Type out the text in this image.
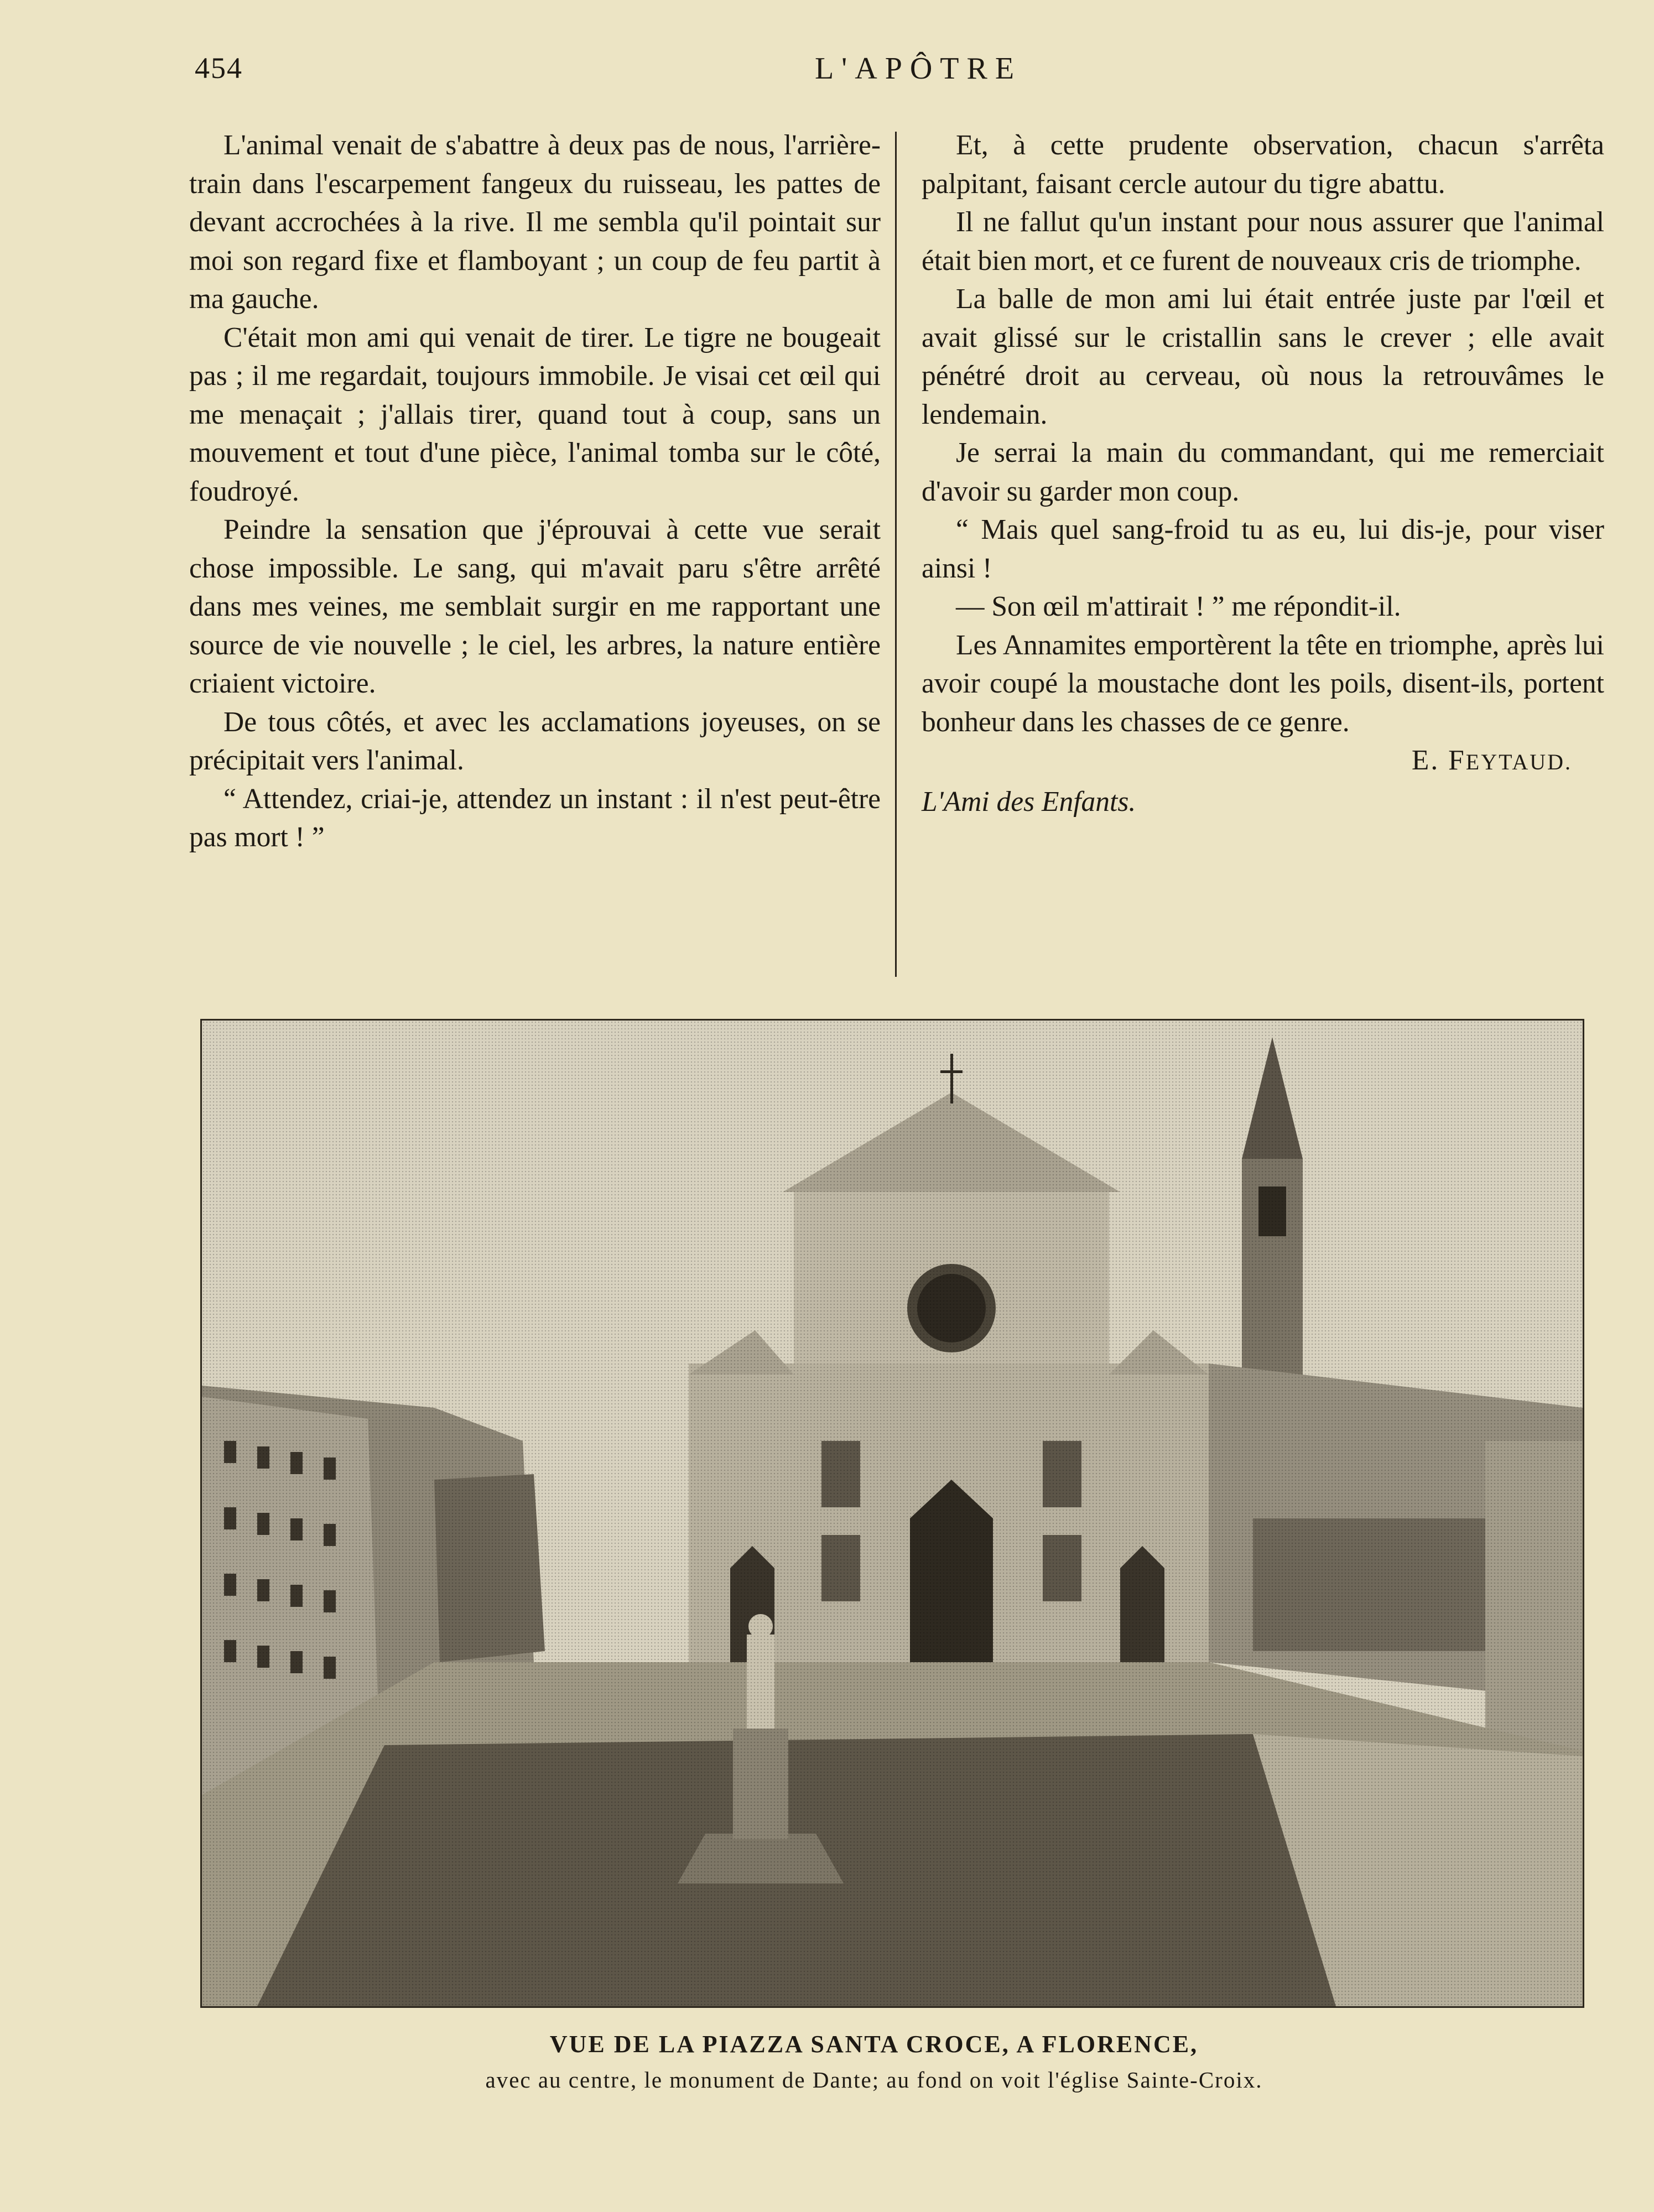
454	L'APÔTRE

L'animal venait de s'abattre à deux pas de nous, l'arrière-train dans l'escarpement fangeux du ruisseau, les pattes de devant accrochées à la rive. Il me sembla qu'il pointait sur moi son regard fixe et flamboyant ; un coup de feu partit à ma gauche.

C'était mon ami qui venait de tirer. Le tigre ne bougeait pas ; il me regardait, toujours immobile. Je visai cet œil qui me menaçait ; j'allais tirer, quand tout à coup, sans un mouvement et tout d'une pièce, l'animal tomba sur le côté, foudroyé.

Peindre la sensation que j'éprouvai à cette vue serait chose impossible. Le sang, qui m'avait paru s'être arrêté dans mes veines, me semblait surgir en me rapportant une source de vie nouvelle ; le ciel, les arbres, la nature entière criaient victoire.

De tous côtés, et avec les acclamations joyeuses, on se précipitait vers l'animal.

“ Attendez, criai-je, attendez un instant : il n'est peut-être pas mort ! ”

Et, à cette prudente observation, chacun s'arrêta palpitant, faisant cercle autour du tigre abattu.

Il ne fallut qu'un instant pour nous assurer que l'animal était bien mort, et ce furent de nouveaux cris de triomphe.

La balle de mon ami lui était entrée juste par l'œil et avait glissé sur le cristallin sans le crever ; elle avait pénétré droit au cerveau, où nous la retrouvâmes le lendemain.

Je serrai la main du commandant, qui me remerciait d'avoir su garder mon coup.

“ Mais quel sang-froid tu as eu, lui dis-je, pour viser ainsi !

— Son œil m'attirait ! ” me répondit-il.

Les Annamites emportèrent la tête en triomphe, après lui avoir coupé la moustache dont les poils, disent-ils, portent bonheur dans les chasses de ce genre.

E. FEYTAUD.

L'Ami des Enfants.

VUE DE LA PIAZZA SANTA CROCE, A FLORENCE,
avec au centre, le monument de Dante; au fond on voit l'église Sainte-Croix.
